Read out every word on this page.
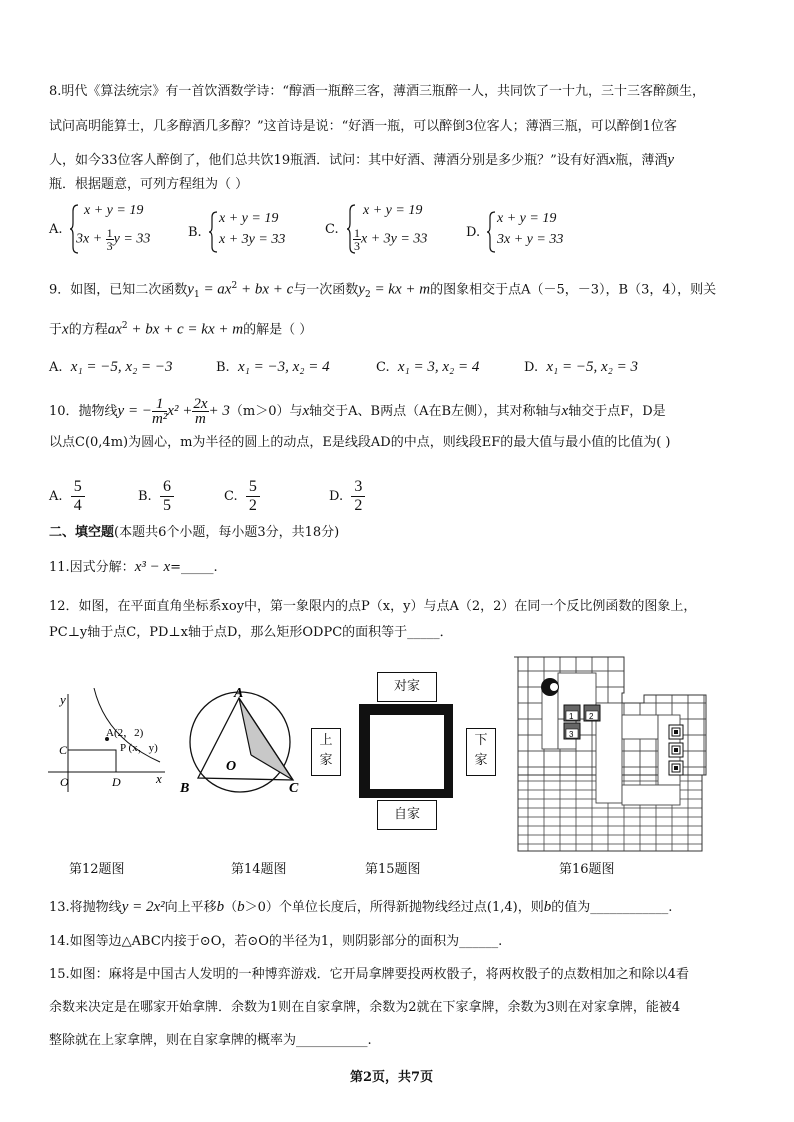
8.明代《算法统宗》有一首饮酒数学诗：“醇酒一瓶醉三客，薄酒三瓶醉一人，共同饮了一十九，三十三客醉颜生，
试问高明能算士，几多醇酒几多醇？”这首诗是说：“好酒一瓶，可以醉倒3位客人；薄酒三瓶，可以醉倒1位客
人，如今33位客人醉倒了，他们总共饮19瓶酒．试问：其中好酒、薄酒分别是多少瓶？”设有好酒x瓶，薄酒y
瓶．根据题意，可列方程组为（ ）
A.
x + y = 19
$3x + \frac{1}{3}$ y = 33	B.
x + y = 19
x + 3y = 33
C.
x + y = 19
$\frac{1}{3}$ x + 3y = 33	D.
x + y = 19
3x + y = 33
9．如图，已知二次函数$y_1 = ax^2$ + bx + c与一次函数$y_2$ = kx + m的图象相交于点A（－5，－3），B（3，4），则关
于x的方程$ax^2$ + bx + c = kx + m的解是（ ）
A. x₁ = −5, x₂ = −3	B. x₁ = −3, x₂ = 4	C. x₁ = 3, x₂ = 4	D. x₁ = −5, x₂ = 3
10．抛物线y = − $\frac{1}{\text{m²}} x^2 + \frac{2x}{m} + 3(m>0)$与x轴交于A、B两点（A在B左侧），其对称轴与x轴交于点F，D是
以点C(0,4m)为圆心，m为半径的圆上的动点，E是线段AD的中点，则线段EF的最大值与最小值的比值为( )
A. $\frac{5}{4}$	B. $\frac{6}{5}$	C. $\frac{5}{2}$	D. $\frac{3}{2}$
二、填空题(本题共6个小题，每小题3分，共18分)
11.因式分解：x³ − x=_____.
12．如图，在平面直角坐标系xoy中，第一象限内的点P（x，y）与点A（2，2）在同一个反比例函数的图象上，
PC⊥y轴于点C，PD⊥x轴于点D，那么矩形ODPC的面积等于_____．
y
x
O
C
D
A(2，2)
P (x，y)
A
B	C
O
对家
上
家
下
家
自家
1 2
3
第12题图	第14题图	第15题图	第16题图
13.将抛物线y = 2x²向上平移b（b＞0）个单位长度后，所得新抛物线经过点(1,4)，则b的值为____________.
14.如图等边△ABC内接于⊙O，若⊙O的半径为1，则阴影部分的面积为______.
15.如图：麻将是中国古人发明的一种博弈游戏．它开局拿牌要投两枚骰子，将两枚骰子的点数相加之和除以4看
余数来决定是在哪家开始拿牌．余数为1则在自家拿牌，余数为2就在下家拿牌，余数为3则在对家拿牌，能被4
整除就在上家拿牌，则在自家拿牌的概率为___________.
第2页，共7页
